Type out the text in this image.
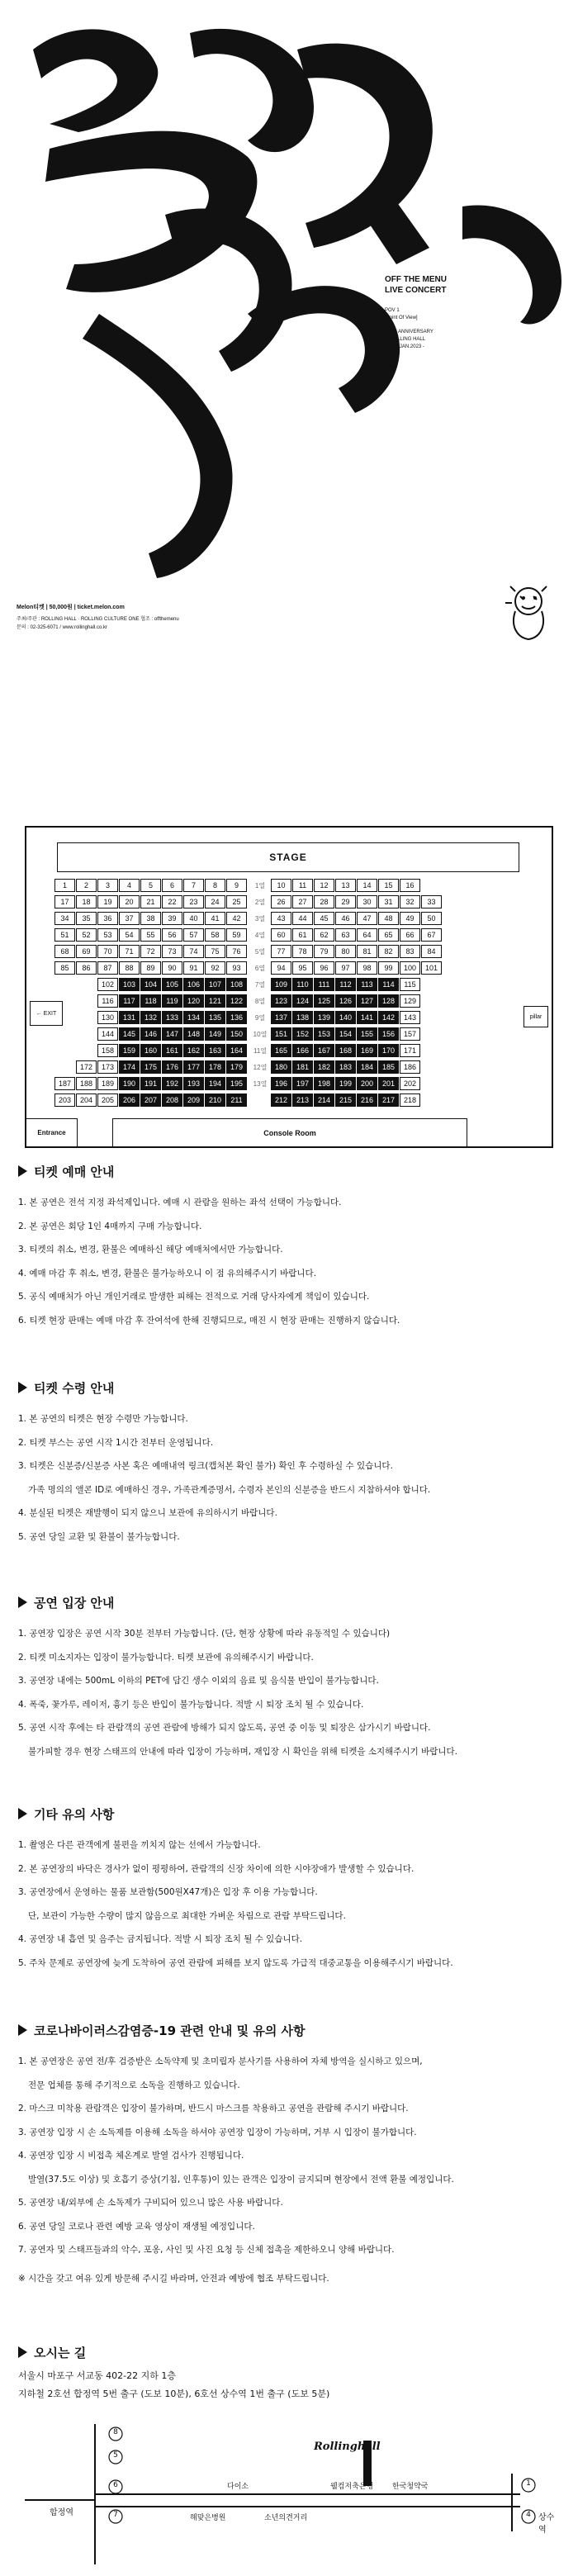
OFF THE MENU
LIVE CONCERT
POV 1
[Point Of View]
28TH ANNIVERSARY
@ROLLING HALL
SEP.8 JAN.2023 -
Melon티켓 | 50,000원 | ticket.melon.com
주최/주관 : ROLLING HALL · ROLLING CULTURE ONE 협조 : offthemenu
문의 : 02-325-6071 / www.rollinghall.co.kr
STAGE
1	2	3	4	5	6	7	8	9	1열	10	11	12	13	14	15	16
17	18	19	20	21	22	23	24	25	2열	26	27	28	29	30	31	32	33
34	35	36	37	38	39	40	41	42	3열	43	44	45	46	47	48	49	50
51	52	53	54	55	56	57	58	59	4열	60	61	62	63	64	65	66	67
68	69	70	71	72	73	74	75	76	5열	77	78	79	80	81	82	83	84
85	86	87	88	89	90	91	92	93	6열	94	95	96	97	98	99	100	101
102	103	104	105	106	107	108	7열	109	110	111	112	113	114	115
116	117	118	119	120	121	122	8열	123	124	125	126	127	128	129
130	131	132	133	134	135	136	9열	137	138	139	140	141	142	143
144	145	146	147	148	149	150	10열	151	152	153	154	155	156	157
158	159	160	161	162	163	164	11열	165	166	167	168	169	170	171
172	173	174	175	176	177	178	179	12열	180	181	182	183	184	185	186
187	188	189	190	191	192	193	194	195	13열	196	197	198	199	200	201	202
203	204	205	206	207	208	209	210	211	212	213	214	215	216	217	218
← EXIT
pillar
Entrance	Console Room
티켓 예매 안내
1. 본 공연은 전석 지정 좌석제입니다. 예매 시 관람을 원하는 좌석 선택이 가능합니다.
2. 본 공연은 회당 1인 4매까지 구매 가능합니다.
3. 티켓의 취소, 변경, 환불은 예매하신 해당 예매처에서만 가능합니다.
4. 예매 마감 후 취소, 변경, 환불은 불가능하오니 이 점 유의해주시기 바랍니다.
5. 공식 예매처가 아닌 개인거래로 발생한 피해는 전적으로 거래 당사자에게 책임이 있습니다.
6. 티켓 현장 판매는 예매 마감 후 잔여석에 한해 진행되므로, 매진 시 현장 판매는 진행하지 않습니다.
티켓 수령 안내
1. 본 공연의 티켓은 현장 수령만 가능합니다.
2. 티켓 부스는 공연 시작 1시간 전부터 운영됩니다.
3. 티켓은 신분증/신분증 사본 혹은 예매내역 링크(캡처본 확인 불가) 확인 후 수령하실 수 있습니다.
가족 명의의 앨콘 ID로 예매하신 경우, 가족관계증명서, 수령자 본인의 신분증을 반드시 지참하셔야 합니다.
4. 분실된 티켓은 재발행이 되지 않으니 보관에 유의하시기 바랍니다.
5. 공연 당일 교환 및 환불이 불가능합니다.
공연 입장 안내
1. 공연장 입장은 공연 시작 30분 전부터 가능합니다. (단, 현장 상황에 따라 유동적일 수 있습니다)
2. 티켓 미소지자는 입장이 불가능합니다. 티켓 보관에 유의해주시기 바랍니다.
3. 공연장 내에는 500mL 이하의 PET에 담긴 생수 이외의 음료 및 음식물 반입이 불가능합니다.
4. 폭죽, 꽃가루, 레이저, 흉기 등은 반입이 불가능합니다. 적발 시 퇴장 조치 될 수 있습니다.
5. 공연 시작 후에는 타 관람객의 공연 관람에 방해가 되지 않도록, 공연 중 이동 및 퇴장은 삼가시기 바랍니다.
불가피할 경우 현장 스태프의 안내에 따라 입장이 가능하며, 재입장 시 확인을 위해 티켓을 소지해주시기 바랍니다.
기타 유의 사항
1. 촬영은 다른 관객에게 불편을 끼치지 않는 선에서 가능합니다.
2. 본 공연장의 바닥은 경사가 없이 평평하여, 관람객의 신장 차이에 의한 시야장애가 발생할 수 있습니다.
3. 공연장에서 운영하는 물품 보관함(500원X47개)은 입장 후 이용 가능합니다.
단, 보관이 가능한 수량이 많지 않음으로 최대한 가벼운 차림으로 관람 부탁드립니다.
4. 공연장 내 흡연 및 음주는 금지됩니다. 적발 시 퇴장 조치 될 수 있습니다.
5. 주차 문제로 공연장에 늦게 도착하여 공연 관람에 피해를 보지 않도록 가급적 대중교통을 이용해주시기 바랍니다.
코로나바이러스감염증-19 관련 안내 및 유의 사항
1. 본 공연장은 공연 전/후 검증받은 소독약제 및 초미립자 분사기를 사용하여 자체 방역을 실시하고 있으며,
전문 업체를 통해 주기적으로 소독을 진행하고 있습니다.
2. 마스크 미착용 관람객은 입장이 불가하며, 반드시 마스크를 착용하고 공연을 관람해 주시기 바랍니다.
3. 공연장 입장 시 손 소독제를 이용해 소독을 하셔야 공연장 입장이 가능하며, 거부 시 입장이 불가합니다.
4. 공연장 입장 시 비접촉 체온계로 발열 검사가 진행됩니다.
발열(37.5도 이상) 및 호흡기 증상(기침, 인후통)이 있는 관객은 입장이 금지되며 현장에서 전액 환불 예정입니다.
5. 공연장 내/외부에 손 소독제가 구비되어 있으니 많은 사용 바랍니다.
6. 공연 당일 코로나 관련 예방 교육 영상이 재생될 예정입니다.
7. 공연자 및 스태프들과의 악수, 포옹, 사인 및 사진 요청 등 신체 접촉을 제한하오니 양해 바랍니다.
※ 시간을 갖고 여유 있게 방문해 주시길 바라며, 안전과 예방에 협조 부탁드립니다.
오시는 길
서울시 마포구 서교동 402-22 지하 1층
지하철 2호선 합정역 5번 출구 (도보 10분), 6호선 상수역 1번 출구 (도보 5분)
8
5
6
7
1
4
합정역
상수역
Rollinghall
다이소	웰컴저축은행	한국청약국
해맞은병원	소년의견거리
